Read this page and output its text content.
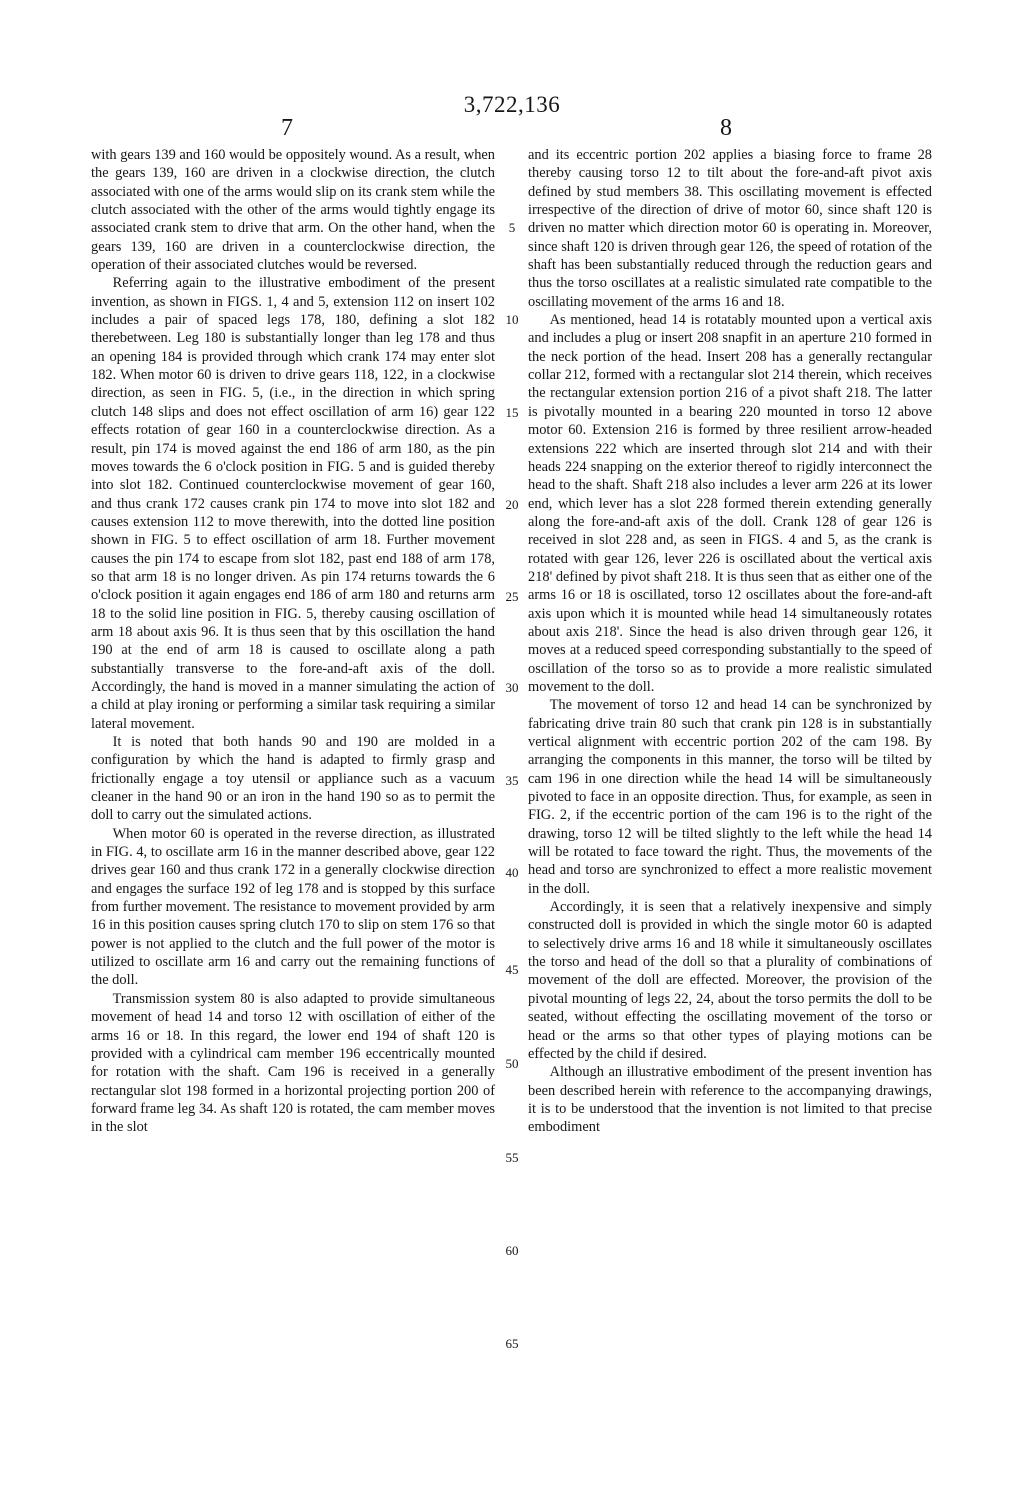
3,722,136
7	8

with gears 139 and 160 would be oppositely wound. As a result, when the gears 139, 160 are driven in a clockwise direction, the clutch associated with one of the arms would slip on its crank stem while the clutch associated with the other of the arms would tightly engage its associated crank stem to drive that arm. On the other hand, when the gears 139, 160 are driven in a counterclockwise direction, the operation of their associated clutches would be reversed.

Referring again to the illustrative embodiment of the present invention, as shown in FIGS. 1, 4 and 5, extension 112 on insert 102 includes a pair of spaced legs 178, 180, defining a slot 182 therebetween. Leg 180 is substantially longer than leg 178 and thus an opening 184 is provided through which crank 174 may enter slot 182. When motor 60 is driven to drive gears 118, 122, in a clockwise direction, as seen in FIG. 5, (i.e., in the direction in which spring clutch 148 slips and does not effect oscillation of arm 16) gear 122 effects rotation of gear 160 in a counterclockwise direction. As a result, pin 174 is moved against the end 186 of arm 180, as the pin moves towards the 6 o'clock position in FIG. 5 and is guided thereby into slot 182. Continued counterclockwise movement of gear 160, and thus crank 172 causes crank pin 174 to move into slot 182 and causes extension 112 to move therewith, into the dotted line position shown in FIG. 5 to effect oscillation of arm 18. Further movement causes the pin 174 to escape from slot 182, past end 188 of arm 178, so that arm 18 is no longer driven. As pin 174 returns towards the 6 o'clock position it again engages end 186 of arm 180 and returns arm 18 to the solid line position in FIG. 5, thereby causing oscillation of arm 18 about axis 96. It is thus seen that by this oscillation the hand 190 at the end of arm 18 is caused to oscillate along a path substantially transverse to the fore-and-aft axis of the doll. Accordingly, the hand is moved in a manner simulating the action of a child at play ironing or performing a similar task requiring a similar lateral movement.

It is noted that both hands 90 and 190 are molded in a configuration by which the hand is adapted to firmly grasp and frictionally engage a toy utensil or appliance such as a vacuum cleaner in the hand 90 or an iron in the hand 190 so as to permit the doll to carry out the simulated actions.

When motor 60 is operated in the reverse direction, as illustrated in FIG. 4, to oscillate arm 16 in the manner described above, gear 122 drives gear 160 and thus crank 172 in a generally clockwise direction and engages the surface 192 of leg 178 and is stopped by this surface from further movement. The resistance to movement provided by arm 16 in this position causes spring clutch 170 to slip on stem 176 so that power is not applied to the clutch and the full power of the motor is utilized to oscillate arm 16 and carry out the remaining functions of the doll.

Transmission system 80 is also adapted to provide simultaneous movement of head 14 and torso 12 with oscillation of either of the arms 16 or 18. In this regard, the lower end 194 of shaft 120 is provided with a cylindrical cam member 196 eccentrically mounted for rotation with the shaft. Cam 196 is received in a generally rectangular slot 198 formed in a horizontal projecting portion 200 of forward frame leg 34. As shaft 120 is rotated, the cam member moves in the slot

and its eccentric portion 202 applies a biasing force to frame 28 thereby causing torso 12 to tilt about the fore-and-aft pivot axis defined by stud members 38. This oscillating movement is effected irrespective of the direction of drive of motor 60, since shaft 120 is driven no matter which direction motor 60 is operating in. Moreover, since shaft 120 is driven through gear 126, the speed of rotation of the shaft has been substantially reduced through the reduction gears and thus the torso oscillates at a realistic simulated rate compatible to the oscillating movement of the arms 16 and 18.

As mentioned, head 14 is rotatably mounted upon a vertical axis and includes a plug or insert 208 snapfit in an aperture 210 formed in the neck portion of the head. Insert 208 has a generally rectangular collar 212, formed with a rectangular slot 214 therein, which receives the rectangular extension portion 216 of a pivot shaft 218. The latter is pivotally mounted in a bearing 220 mounted in torso 12 above motor 60. Extension 216 is formed by three resilient arrow-headed extensions 222 which are inserted through slot 214 and with their heads 224 snapping on the exterior thereof to rigidly interconnect the head to the shaft. Shaft 218 also includes a lever arm 226 at its lower end, which lever has a slot 228 formed therein extending generally along the fore-and-aft axis of the doll. Crank 128 of gear 126 is received in slot 228 and, as seen in FIGS. 4 and 5, as the crank is rotated with gear 126, lever 226 is oscillated about the vertical axis 218' defined by pivot shaft 218. It is thus seen that as either one of the arms 16 or 18 is oscillated, torso 12 oscillates about the fore-and-aft axis upon which it is mounted while head 14 simultaneously rotates about axis 218'. Since the head is also driven through gear 126, it moves at a reduced speed corresponding substantially to the speed of oscillation of the torso so as to provide a more realistic simulated movement to the doll.

The movement of torso 12 and head 14 can be synchronized by fabricating drive train 80 such that crank pin 128 is in substantially vertical alignment with eccentric portion 202 of the cam 198. By arranging the components in this manner, the torso will be tilted by cam 196 in one direction while the head 14 will be simultaneously pivoted to face in an opposite direction. Thus, for example, as seen in FIG. 2, if the eccentric portion of the cam 196 is to the right of the drawing, torso 12 will be tilted slightly to the left while the head 14 will be rotated to face toward the right. Thus, the movements of the head and torso are synchronized to effect a more realistic movement in the doll.

Accordingly, it is seen that a relatively inexpensive and simply constructed doll is provided in which the single motor 60 is adapted to selectively drive arms 16 and 18 while it simultaneously oscillates the torso and head of the doll so that a plurality of combinations of movement of the doll are effected. Moreover, the provision of the pivotal mounting of legs 22, 24, about the torso permits the doll to be seated, without effecting the oscillating movement of the torso or head or the arms so that other types of playing motions can be effected by the child if desired.

Although an illustrative embodiment of the present invention has been described herein with reference to the accompanying drawings, it is to be understood that the invention is not limited to that precise embodiment

5
10
15
20
25
30
35
40
45
50
55
60
65
